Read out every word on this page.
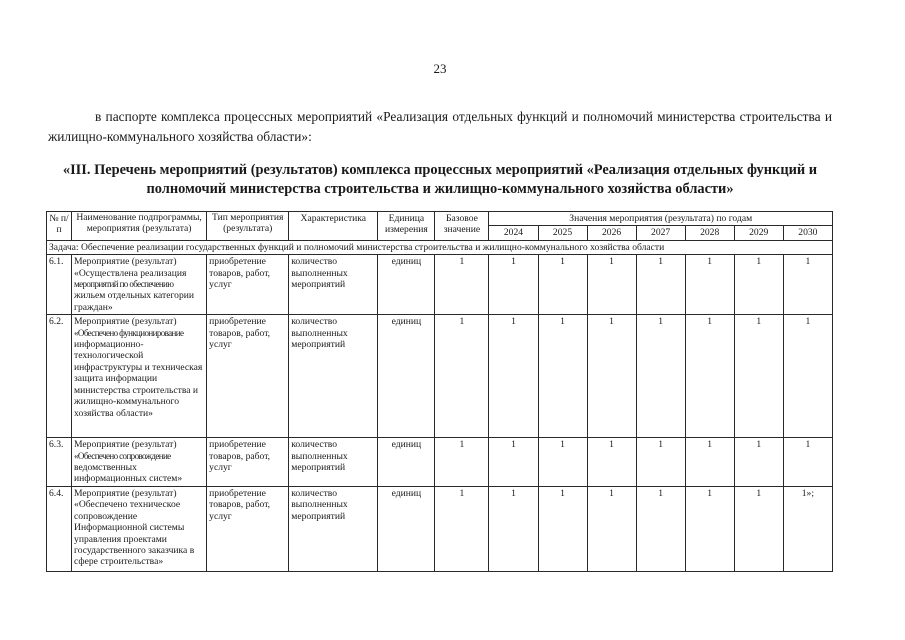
23

в паспорте комплекса процессных мероприятий «Реализация отдельных функций и полномочий министерства строительства и жилищно-коммунального хозяйства области»:

«III. Перечень мероприятий (результатов) комплекса процессных мероприятий «Реализация отдельных функций и полномочий министерства строительства и жилищно-коммунального хозяйства области»

№ п/п	Наименование подпрограммы, мероприятия (результата)	Тип мероприятия (результата)	Характеристика	Единица измерения	Базовое значение	Значения мероприятия (результата) по годам						
						2024	2025	2026	2027	2028	2029	2030
Задача: Обеспечение реализации государственных функций и полномочий министерства строительства и жилищно-коммунального хозяйства области												
6.1.	Мероприятие (результат) «Осуществлена реализация
мероприятий по обеспечению
жильем отдельных категории граждан»	приобретение товаров, работ, услуг	количество выполненных мероприятий	единиц	1	1	1	1	1	1	1	1
6.2.	Мероприятие (результат)
«Обеспечено функционирование
информационно-технологической инфраструктуры и техническая защита информации министерства строительства и жилищно-коммунального хозяйства области»	приобретение товаров, работ, услуг	количество выполненных мероприятий	единиц	1	1	1	1	1	1	1	1
6.3.	Мероприятие (результат)
«Обеспечено сопровождение
ведомственных информационных систем»	приобретение товаров, работ, услуг	количество выполненных мероприятий	единиц	1	1	1	1	1	1	1	1
6.4.	Мероприятие (результат) «Обеспечено техническое сопровождение Информационной системы управления проектами государственного заказчика в сфере строительства»	приобретение товаров, работ, услуг	количество выполненных мероприятий	единиц	1	1	1	1	1	1	1	1»;
